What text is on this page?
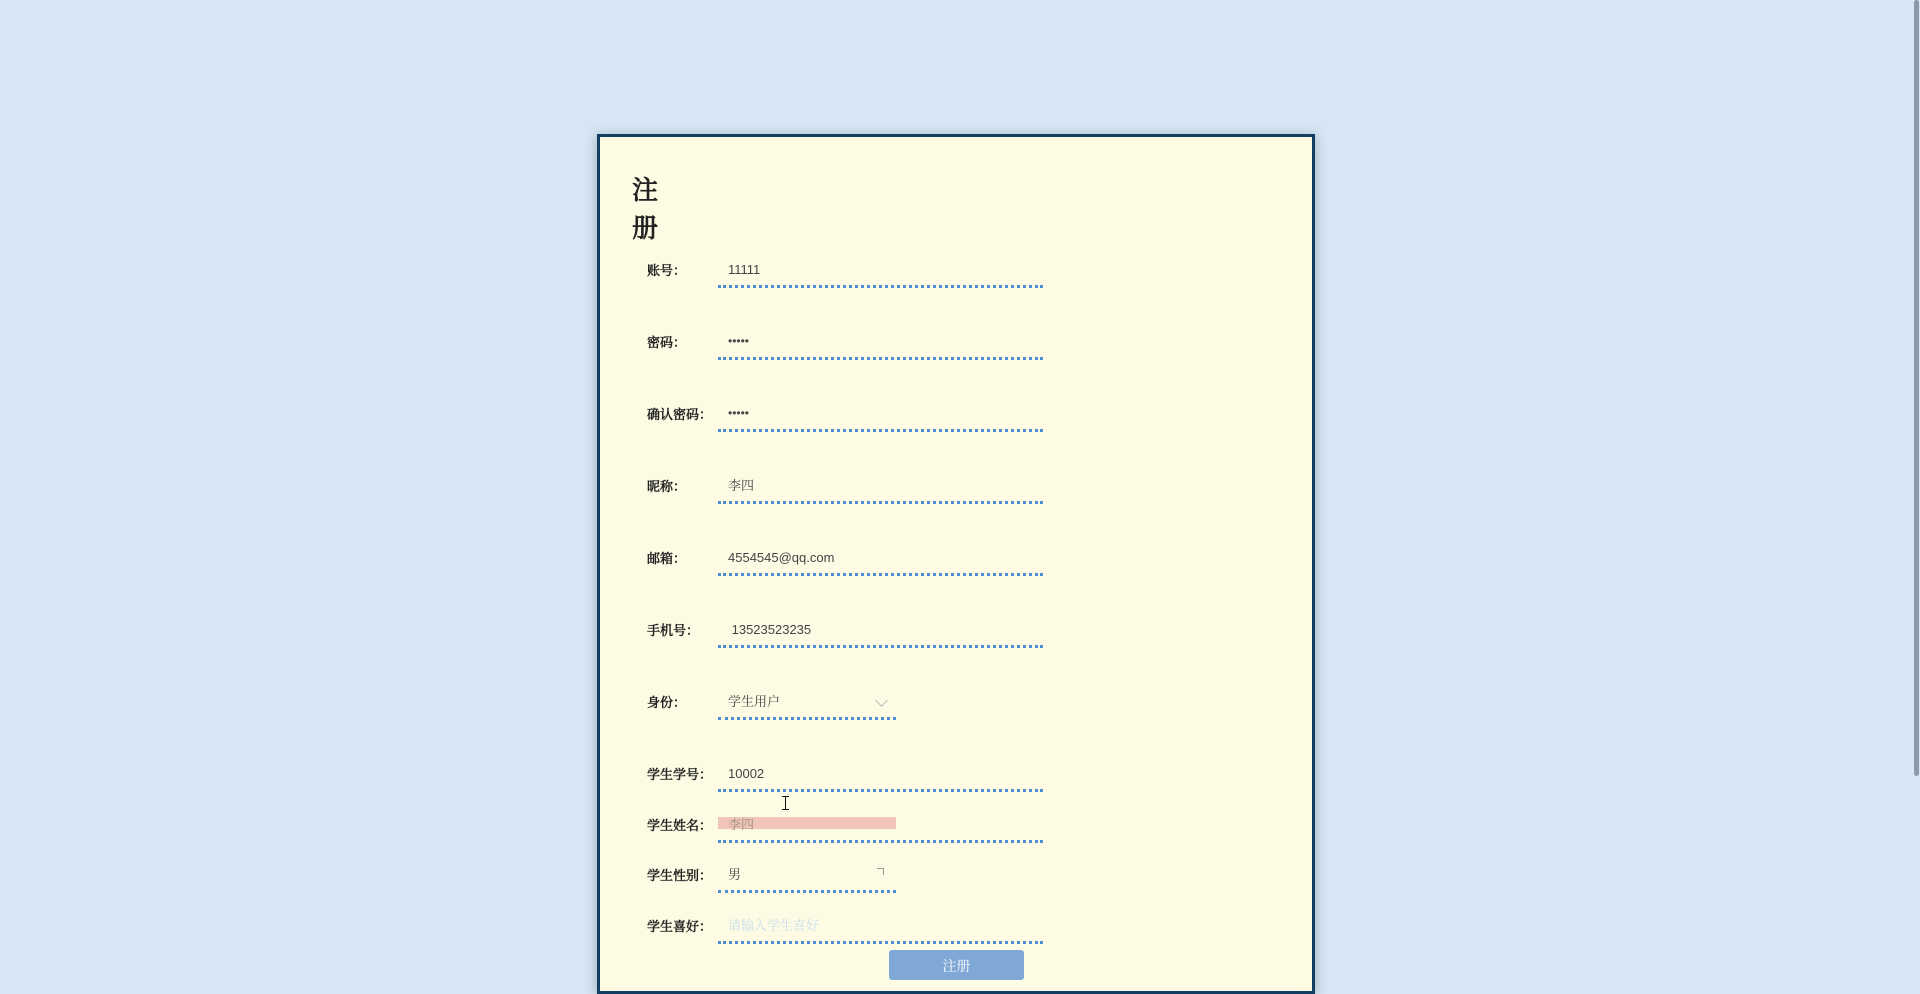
注册
账号：	11111
密码：	•••••
确认密码： •••••
昵称：	李四
邮箱：	4554545@qq.com
手机号： 13523523235
身份：	学生用户
学生学号： 10002
学生姓名： 李四
学生性别： 男
学生喜好： 请输入学生喜好
注册
